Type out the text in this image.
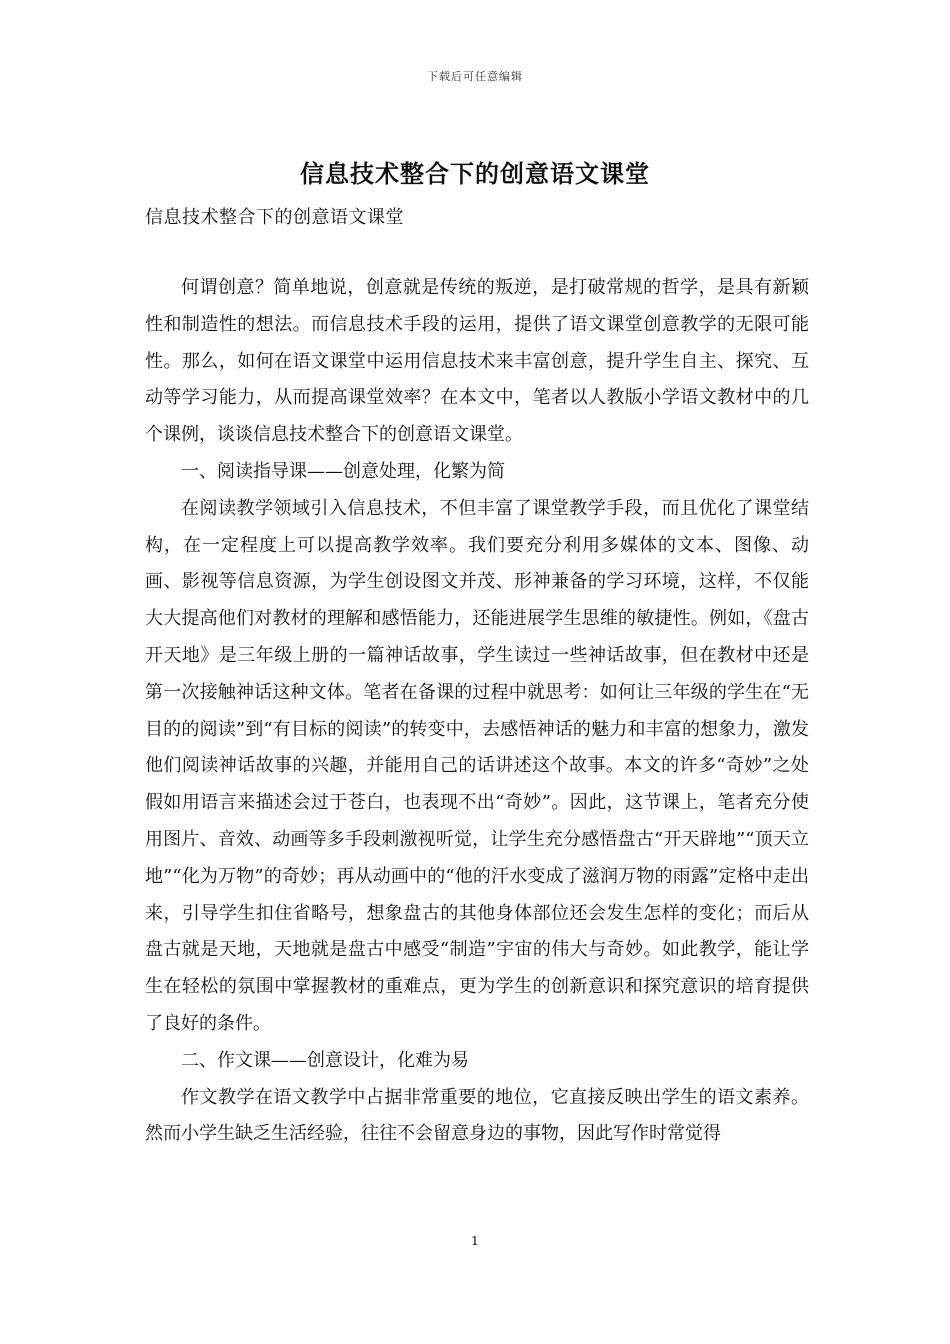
下载后可任意编辑
信息技术整合下的创意语文课堂
信息技术整合下的创意语文课堂

何谓创意？简单地说，创意就是传统的叛逆，是打破常规的哲学，是具有新颖性和制造性的想法。而信息技术手段的运用，提供了语文课堂创意教学的无限可能性。那么，如何在语文课堂中运用信息技术来丰富创意，提升学生自主、探究、互动等学习能力，从而提高课堂效率？在本文中，笔者以人教版小学语文教材中的几个课例，谈谈信息技术整合下的创意语文课堂。

一、阅读指导课——创意处理，化繁为简

在阅读教学领域引入信息技术，不但丰富了课堂教学手段，而且优化了课堂结构，在一定程度上可以提高教学效率。我们要充分利用多媒体的文本、图像、动画、影视等信息资源，为学生创设图文并茂、形神兼备的学习环境，这样，不仅能大大提高他们对教材的理解和感悟能力，还能进展学生思维的敏捷性。例如，《盘古开天地》是三年级上册的一篇神话故事，学生读过一些神话故事，但在教材中还是第一次接触神话这种文体。笔者在备课的过程中就思考：如何让三年级的学生在“无目的的阅读”到“有目标的阅读”的转变中，去感悟神话的魅力和丰富的想象力，激发他们阅读神话故事的兴趣，并能用自己的话讲述这个故事。本文的许多“奇妙”之处假如用语言来描述会过于苍白，也表现不出“奇妙”。因此，这节课上，笔者充分使用图片、音效、动画等多手段刺激视听觉，让学生充分感悟盘古“开天辟地”“顶天立地”“化为万物”的奇妙；再从动画中的“他的汗水变成了滋润万物的雨露”定格中走出来，引导学生扣住省略号，想象盘古的其他身体部位还会发生怎样的变化；而后从盘古就是天地，天地就是盘古中感受“制造”宇宙的伟大与奇妙。如此教学，能让学生在轻松的氛围中掌握教材的重难点，更为学生的创新意识和探究意识的培育提供了良好的条件。

二、作文课——创意设计，化难为易

作文教学在语文教学中占据非常重要的地位，它直接反映出学生的语文素养。然而小学生缺乏生活经验，往往不会留意身边的事物，因此写作时常觉得

1
